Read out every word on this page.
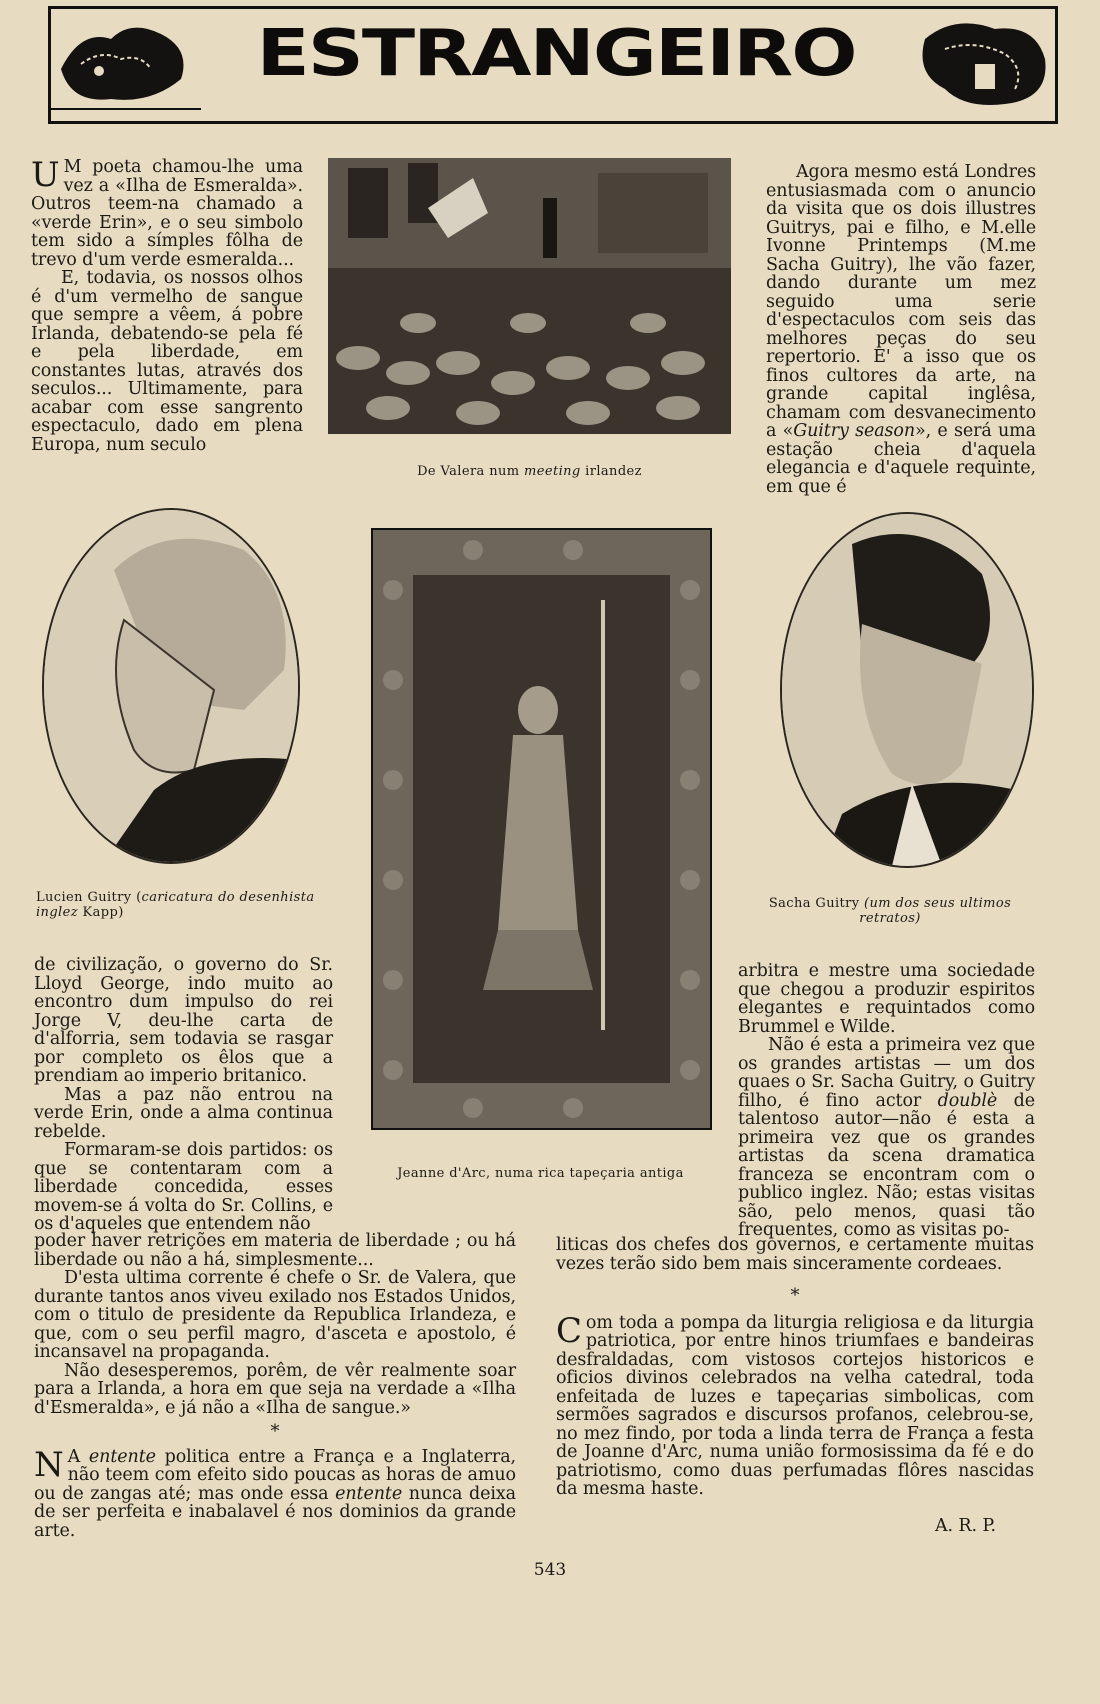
ESTRANGEIRO

U M poeta chamou-lhe uma vez a «Ilha de Esmeralda». Outros teem-na chamado a «verde Erin», e o seu simbolo tem sido a símples fôlha de trevo d'um verde esmeralda...

E, todavia, os nossos olhos é d'um vermelho de sangue que sempre a vêem, á pobre Irlanda, debatendo-se pela fé e pela liberdade, em constantes lutas, através dos seculos... Ultimamente, para acabar com esse sangrento espectaculo, dado em plena Europa, num seculo

De Valera num meeting irlandez

Agora mesmo está Londres entusiasmada com o anuncio da visita que os dois illustres Guitrys, pai e filho, e M.elle Ivonne Printemps (M.me Sacha Guitry), lhe vão fazer, dando durante um mez seguido uma serie d'espectaculos com seis das melhores peças do seu repertorio. E' a isso que os finos cultores da arte, na grande capital inglêsa, chamam com desvanecimento a «Guitry season», e será uma estação cheia d'aquela elegancia e d'aquele requinte, em que é

Lucien Guitry (caricatura do desenhista inglez Kapp)
Jeanne d'Arc, numa rica tapeçaria antiga
Sacha Guitry (um dos seus ultimos retratos)

de civilização, o governo do Sr. Lloyd George, indo muito ao encontro dum impulso do rei Jorge V, deu-lhe carta de d'alforria, sem todavia se rasgar por completo os êlos que a prendiam ao imperio britanico.

Mas a paz não entrou na verde Erin, onde a alma continua rebelde.

Formaram-se dois partidos: os que se contentaram com a liberdade concedida, esses movem-se á volta do Sr. Collins, e os d'aqueles que entendem não

poder haver retrições em materia de liberdade ; ou há liberdade ou não a há, simplesmente...

D'esta ultima corrente é chefe o Sr. de Valera, que durante tantos anos viveu exilado nos Estados Unidos, com o titulo de presidente da Republica Irlandeza, e que, com o seu perfil magro, d'asceta e apostolo, é incansavel na propaganda.

Não desesperemos, porêm, de vêr realmente soar para a Irlanda, a hora em que seja na verdade a «Ilha d'Esmeralda», e já não a «Ilha de sangue.»

*

N A entente politica entre a França e a Inglaterra, não teem com efeito sido poucas as horas de amuo ou de zangas até; mas onde essa entente nunca deixa de ser perfeita e inabalavel é nos dominios da grande arte.

arbitra e mestre uma sociedade que chegou a produzir espiritos elegantes e requintados como Brummel e Wilde.

Não é esta a primeira vez que os grandes artistas — um dos quaes o Sr. Sacha Guitry, o Guitry filho, é fino actor doublè de talentoso autor—não é esta a primeira vez que os grandes artistas da scena dramatica franceza se encontram com o publico inglez. Não; estas visitas são, pelo menos, quasi tão frequentes, como as visitas po-

liticas dos chefes dos governos, e certamente muitas vezes terão sido bem mais sinceramente cordeaes.

*

Com toda a pompa da liturgia religiosa e da liturgia patriotica, por entre hinos triumfaes e bandeiras desfraldadas, com vistosos cortejos historicos e oficios divinos celebrados na velha catedral, toda enfeitada de luzes e tapeçarias simbolicas, com sermões sagrados e discursos profanos, celebrou-se, no mez findo, por toda a linda terra de França a festa de Joanne d'Arc, numa união formosissima da fé e do patriotismo, como duas perfumadas flôres nascidas da mesma haste.

A. R. P.
543
